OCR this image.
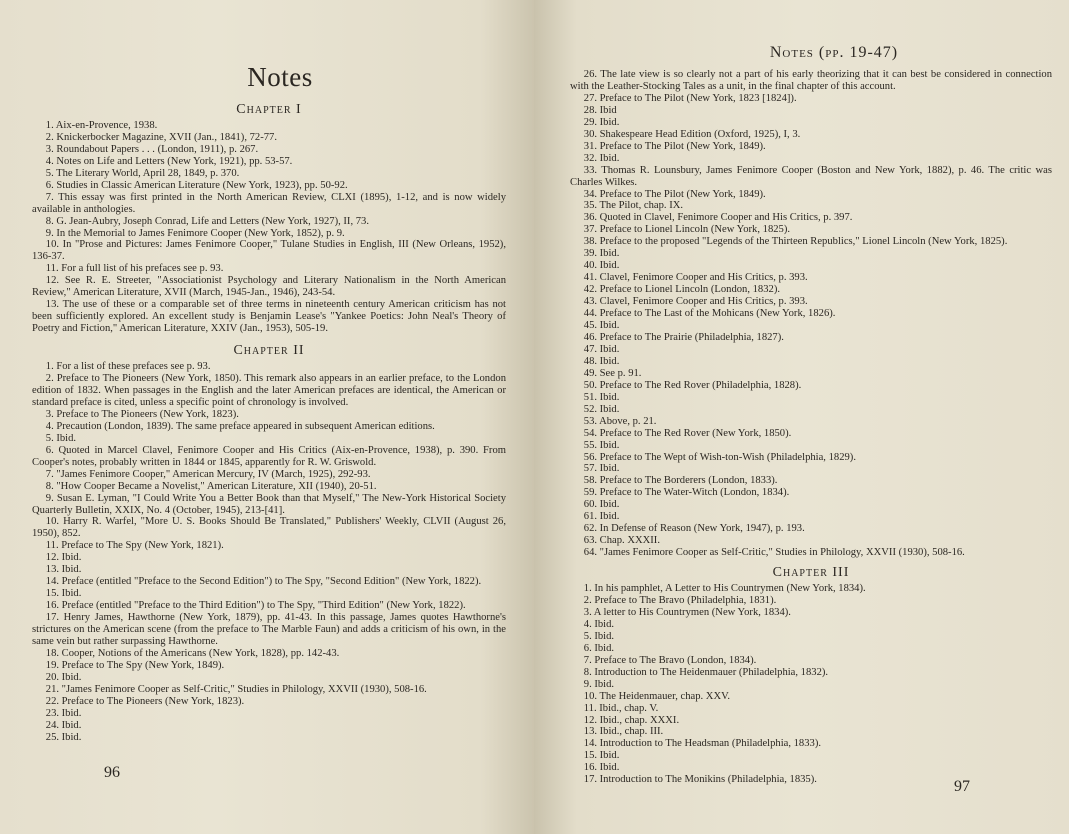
Notes
Chapter I

1. Aix-en-Provence, 1938.

2. Knickerbocker Magazine, XVII (Jan., 1841), 72-77.

3. Roundabout Papers . . . (London, 1911), p. 267.

4. Notes on Life and Letters (New York, 1921), pp. 53-57.

5. The Literary World, April 28, 1849, p. 370.

6. Studies in Classic American Literature (New York, 1923), pp. 50-92.

7. This essay was first printed in the North American Review, CLXI (1895), 1-12, and is now widely available in anthologies.

8. G. Jean-Aubry, Joseph Conrad, Life and Letters (New York, 1927), II, 73.

9. In the Memorial to James Fenimore Cooper (New York, 1852), p. 9.

10. In "Prose and Pictures: James Fenimore Cooper," Tulane Studies in English, III (New Orleans, 1952), 136-37.

11. For a full list of his prefaces see p. 93.

12. See R. E. Streeter, "Associationist Psychology and Literary Nationalism in the North American Review," American Literature, XVII (March, 1945-Jan., 1946), 243-54.

13. The use of these or a comparable set of three terms in nineteenth century American criticism has not been sufficiently explored. An excellent study is Benjamin Lease's "Yankee Poetics: John Neal's Theory of Poetry and Fiction," American Literature, XXIV (Jan., 1953), 505-19.

Chapter II

1. For a list of these prefaces see p. 93.

2. Preface to The Pioneers (New York, 1850). This remark also appears in an earlier preface, to the London edition of 1832. When passages in the English and the later American prefaces are identical, the American or standard preface is cited, unless a specific point of chronology is involved.

3. Preface to The Pioneers (New York, 1823).

4. Precaution (London, 1839). The same preface appeared in subsequent American editions.

5. Ibid.

6. Quoted in Marcel Clavel, Fenimore Cooper and His Critics (Aix-en-Provence, 1938), p. 390. From Cooper's notes, probably written in 1844 or 1845, apparently for R. W. Griswold.

7. "James Fenimore Cooper," American Mercury, IV (March, 1925), 292-93.

8. "How Cooper Became a Novelist," American Literature, XII (1940), 20-51.

9. Susan E. Lyman, "I Could Write You a Better Book than that Myself," The New-York Historical Society Quarterly Bulletin, XXIX, No. 4 (October, 1945), 213-[41].

10. Harry R. Warfel, "More U. S. Books Should Be Translated," Publishers' Weekly, CLVII (August 26, 1950), 852.

11. Preface to The Spy (New York, 1821).

12. Ibid.

13. Ibid.

14. Preface (entitled "Preface to the Second Edition") to The Spy, "Second Edition" (New York, 1822).

15. Ibid.

16. Preface (entitled "Preface to the Third Edition") to The Spy, "Third Edition" (New York, 1822).

17. Henry James, Hawthorne (New York, 1879), pp. 41-43. In this passage, James quotes Hawthorne's strictures on the American scene (from the preface to The Marble Faun) and adds a criticism of his own, in the same vein but rather surpassing Hawthorne.

18. Cooper, Notions of the Americans (New York, 1828), pp. 142-43.

19. Preface to The Spy (New York, 1849).

20. Ibid.

21. "James Fenimore Cooper as Self-Critic," Studies in Philology, XXVII (1930), 508-16.

22. Preface to The Pioneers (New York, 1823).

23. Ibid.

24. Ibid.

25. Ibid.

96
Notes (pp. 19-47)

26. The late view is so clearly not a part of his early theorizing that it can best be considered in connection with the Leather-Stocking Tales as a unit, in the final chapter of this account.

27. Preface to The Pilot (New York, 1823 [1824]).

28. Ibid

29. Ibid.

30. Shakespeare Head Edition (Oxford, 1925), I, 3.

31. Preface to The Pilot (New York, 1849).

32. Ibid.

33. Thomas R. Lounsbury, James Fenimore Cooper (Boston and New York, 1882), p. 46. The critic was Charles Wilkes.

34. Preface to The Pilot (New York, 1849).

35. The Pilot, chap. IX.

36. Quoted in Clavel, Fenimore Cooper and His Critics, p. 397.

37. Preface to Lionel Lincoln (New York, 1825).

38. Preface to the proposed "Legends of the Thirteen Republics," Lionel Lincoln (New York, 1825).

39. Ibid.

40. Ibid.

41. Clavel, Fenimore Cooper and His Critics, p. 393.

42. Preface to Lionel Lincoln (London, 1832).

43. Clavel, Fenimore Cooper and His Critics, p. 393.

44. Preface to The Last of the Mohicans (New York, 1826).

45. Ibid.

46. Preface to The Prairie (Philadelphia, 1827).

47. Ibid.

48. Ibid.

49. See p. 91.

50. Preface to The Red Rover (Philadelphia, 1828).

51. Ibid.

52. Ibid.

53. Above, p. 21.

54. Preface to The Red Rover (New York, 1850).

55. Ibid.

56. Preface to The Wept of Wish-ton-Wish (Philadelphia, 1829).

57. Ibid.

58. Preface to The Borderers (London, 1833).

59. Preface to The Water-Witch (London, 1834).

60. Ibid.

61. Ibid.

62. In Defense of Reason (New York, 1947), p. 193.

63. Chap. XXXII.

64. "James Fenimore Cooper as Self-Critic," Studies in Philology, XXVII (1930), 508-16.

Chapter III

1. In his pamphlet, A Letter to His Countrymen (New York, 1834).

2. Preface to The Bravo (Philadelphia, 1831).

3. A letter to His Countrymen (New York, 1834).

4. Ibid.

5. Ibid.

6. Ibid.

7. Preface to The Bravo (London, 1834).

8. Introduction to The Heidenmauer (Philadelphia, 1832).

9. Ibid.

10. The Heidenmauer, chap. XXV.

11. Ibid., chap. V.

12. Ibid., chap. XXXI.

13. Ibid., chap. III.

14. Introduction to The Headsman (Philadelphia, 1833).

15. Ibid.

16. Ibid.

17. Introduction to The Monikins (Philadelphia, 1835).	97
